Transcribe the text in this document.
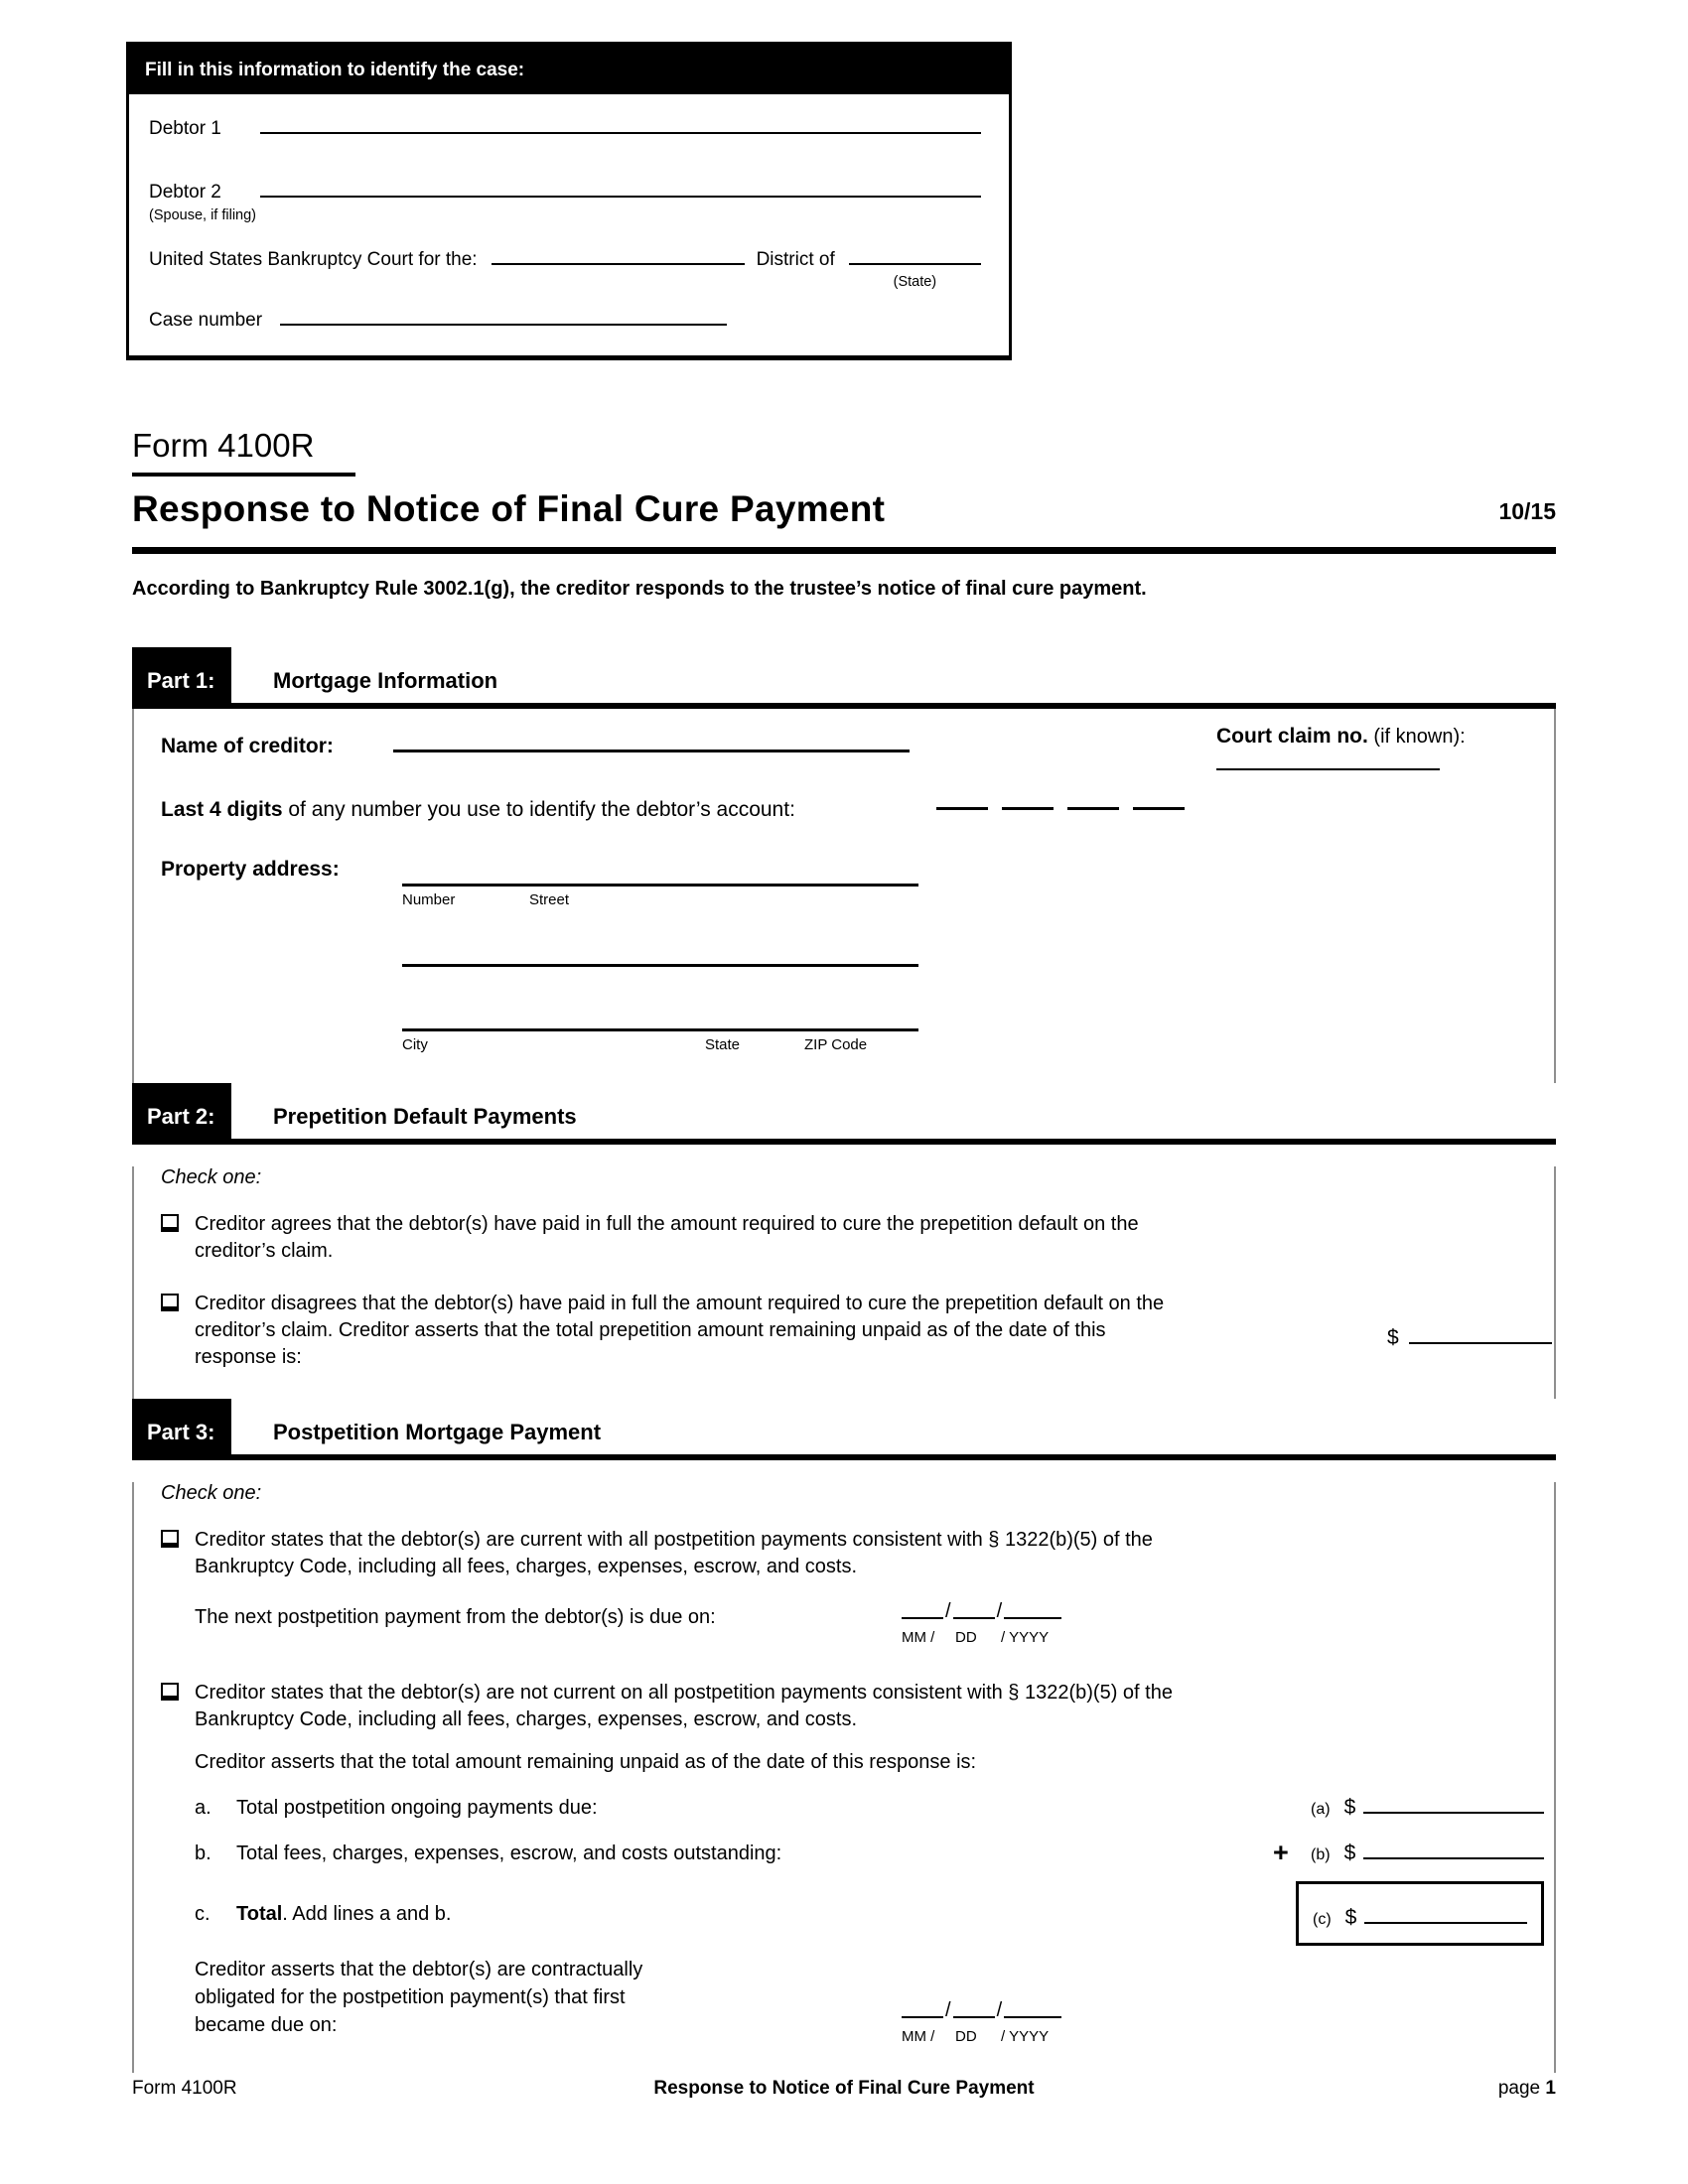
Fill in this information to identify the case:
Debtor 1
Debtor 2
(Spouse, if filing)
United States Bankruptcy Court for the:	District of
(State)
Case number
Form 4100R
Response to Notice of Final Cure Payment	10/15
According to Bankruptcy Rule 3002.1(g), the creditor responds to the trustee’s notice of final cure payment.
Part 1:	Mortgage Information
Name of creditor:	Court claim no. (if known):
Last 4 digits of any number you use to identify the debtor’s account:
Property address:
Number	Street
City	State	ZIP Code
Part 2:	Prepetition Default Payments
Check one:
Creditor agrees that the debtor(s) have paid in full the amount required to cure the prepetition default on the creditor’s claim.
Creditor disagrees that the debtor(s) have paid in full the amount required to cure the prepetition default on the creditor’s claim. Creditor asserts that the total prepetition amount remaining unpaid as of the date of this response is:
$
Part 3:	Postpetition Mortgage Payment
Check one:
Creditor states that the debtor(s) are current with all postpetition payments consistent with § 1322(b)(5) of the Bankruptcy Code, including all fees, charges, expenses, escrow, and costs.
The next postpetition payment from the debtor(s) is due on:	/ /
MM /	DD	/ YYYY
Creditor states that the debtor(s) are not current on all postpetition payments consistent with § 1322(b)(5) of the Bankruptcy Code, including all fees, charges, expenses, escrow, and costs.
Creditor asserts that the total amount remaining unpaid as of the date of this response is:
a.	Total postpetition ongoing payments due:	(a) $
b.	Total fees, charges, expenses, escrow, and costs outstanding:	+ (b) $
c.	Total. Add lines a and b.	(c) $
Creditor asserts that the debtor(s) are contractually obligated for the postpetition payment(s) that first became due on:
/ /
MM /	DD	/ YYYY
Form 4100R	Response to Notice of Final Cure Payment	page 1
